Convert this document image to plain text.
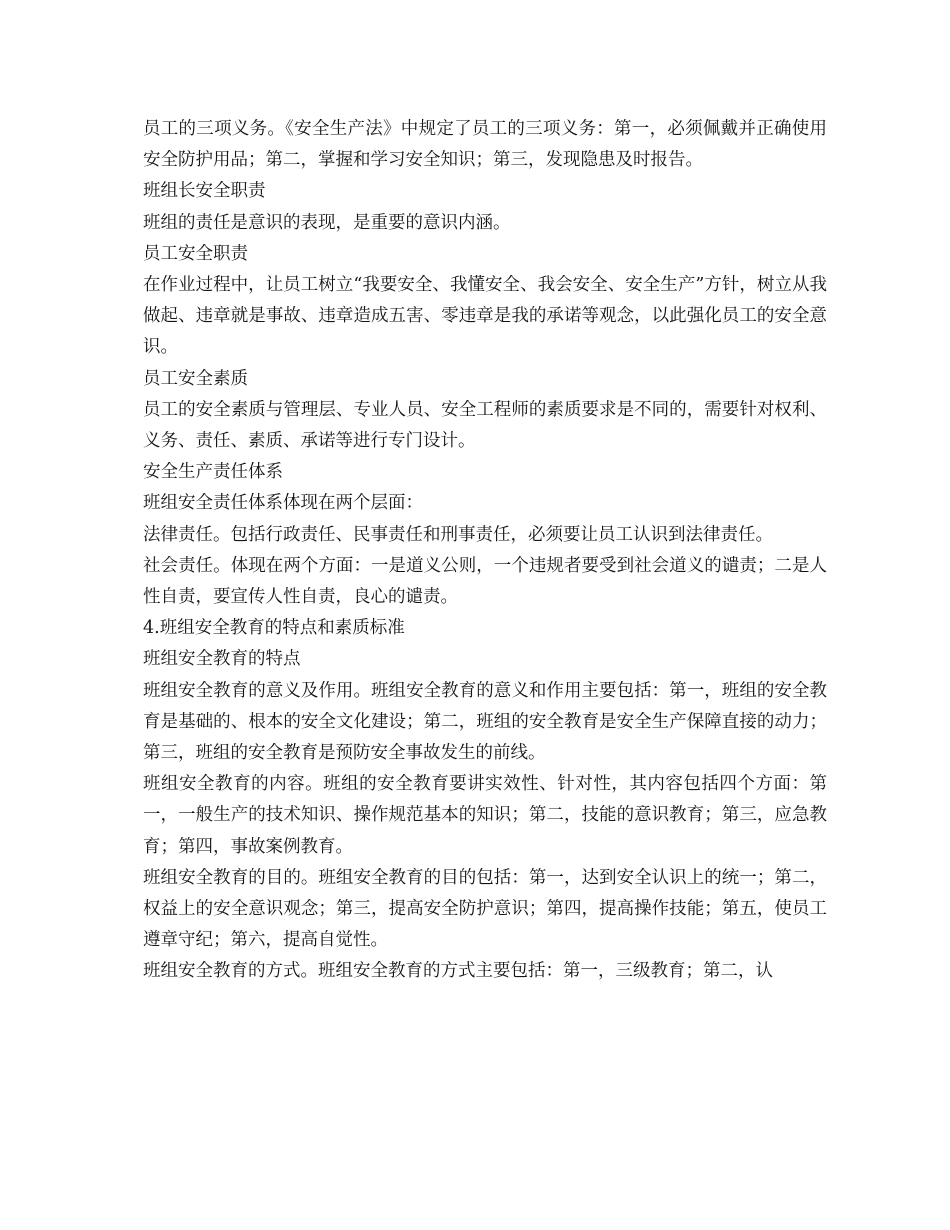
员工的三项义务。《安全生产法》中规定了员工的三项义务：第一，必须佩戴并正确使用安全防护用品；第二，掌握和学习安全知识；第三，发现隐患及时报告。

班组长安全职责

班组的责任是意识的表现，是重要的意识内涵。

员工安全职责

在作业过程中，让员工树立“我要安全、我懂安全、我会安全、安全生产”方针，树立从我做起、违章就是事故、违章造成五害、零违章是我的承诺等观念，以此强化员工的安全意识。

员工安全素质

员工的安全素质与管理层、专业人员、安全工程师的素质要求是不同的，需要针对权利、义务、责任、素质、承诺等进行专门设计。

安全生产责任体系

班组安全责任体系体现在两个层面：

法律责任。包括行政责任、民事责任和刑事责任，必须要让员工认识到法律责任。

社会责任。体现在两个方面：一是道义公则，一个违规者要受到社会道义的谴责；二是人性自责，要宣传人性自责，良心的谴责。

4.班组安全教育的特点和素质标准

班组安全教育的特点

班组安全教育的意义及作用。班组安全教育的意义和作用主要包括：第一，班组的安全教育是基础的、根本的安全文化建设；第二，班组的安全教育是安全生产保障直接的动力；第三，班组的安全教育是预防安全事故发生的前线。

班组安全教育的内容。班组的安全教育要讲实效性、针对性，其内容包括四个方面：第一，一般生产的技术知识、操作规范基本的知识；第二，技能的意识教育；第三，应急教育；第四，事故案例教育。

班组安全教育的目的。班组安全教育的目的包括：第一，达到安全认识上的统一；第二，权益上的安全意识观念；第三，提高安全防护意识；第四，提高操作技能；第五，使员工遵章守纪；第六，提高自觉性。

班组安全教育的方式。班组安全教育的方式主要包括：第一，三级教育；第二，认
